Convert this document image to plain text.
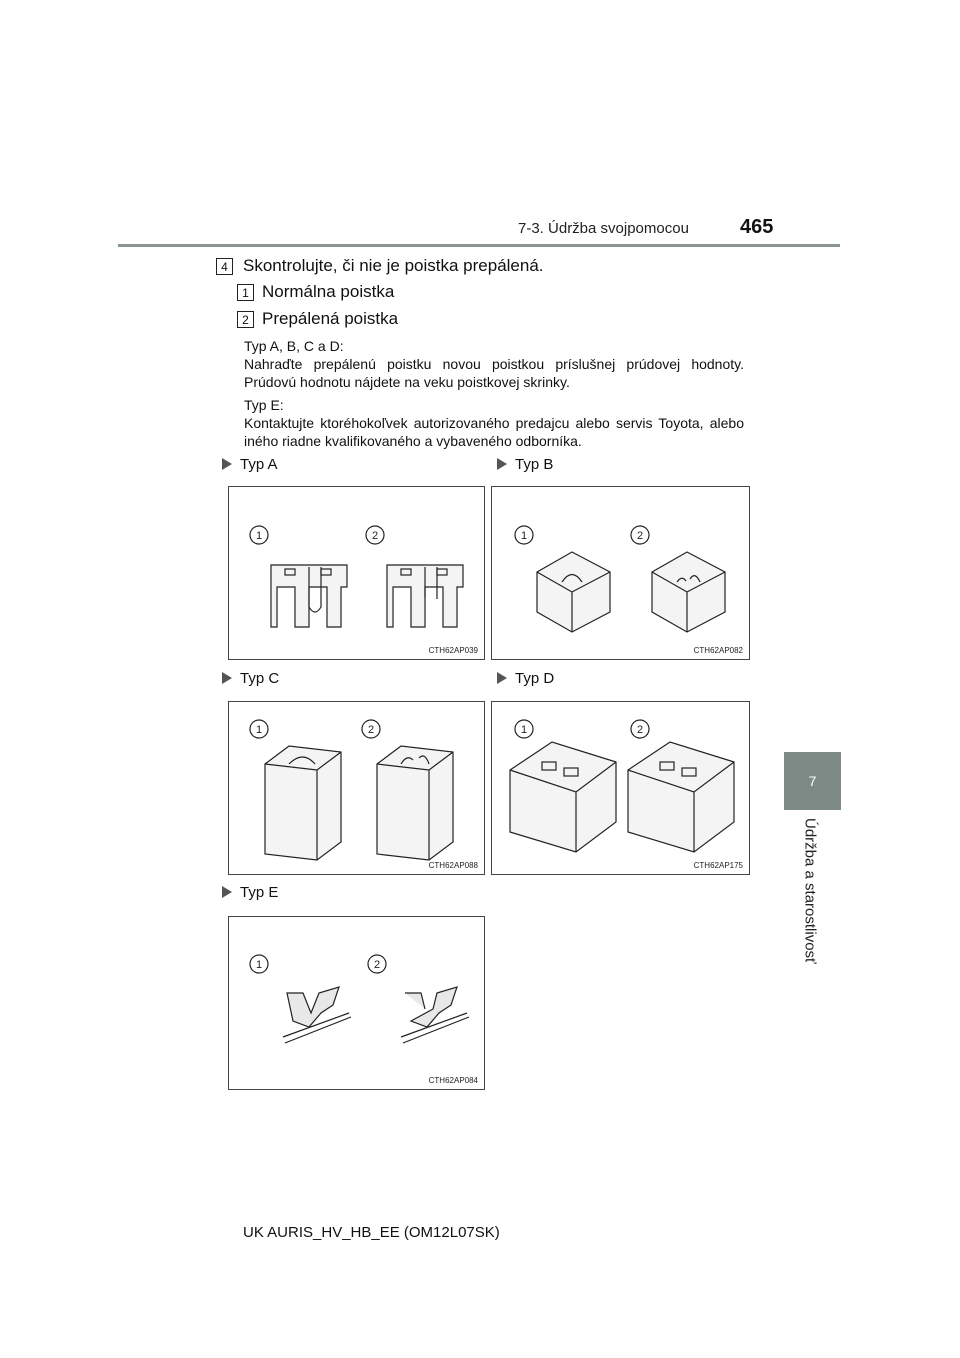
7-3. Údržba svojpomocou	465
7
Údržba a starostlivosť
4 Skontrolujte, či nie je poistka prepálená.
1 Normálna poistka
2 Prepálená poistka
Typ A, B, C a D:
Nahraďte prepálenú poistku novou poistkou príslušnej prúdovej hodnoty. Prúdovú hodnotu nájdete na veku poistkovej skrinky.
Typ E:
Kontaktujte ktoréhokoľvek autorizovaného predajcu alebo servis Toyota, alebo iného riadne kvalifikovaného a vybaveného odborníka.
Typ A	Typ B
Typ C	Typ D
Typ E
1	2
CTH62AP039
1	2
CTH62AP082
1	2
CTH62AP088
1	2
CTH62AP175
1	2
CTH62AP084
UK AURIS_HV_HB_EE (OM12L07SK)
